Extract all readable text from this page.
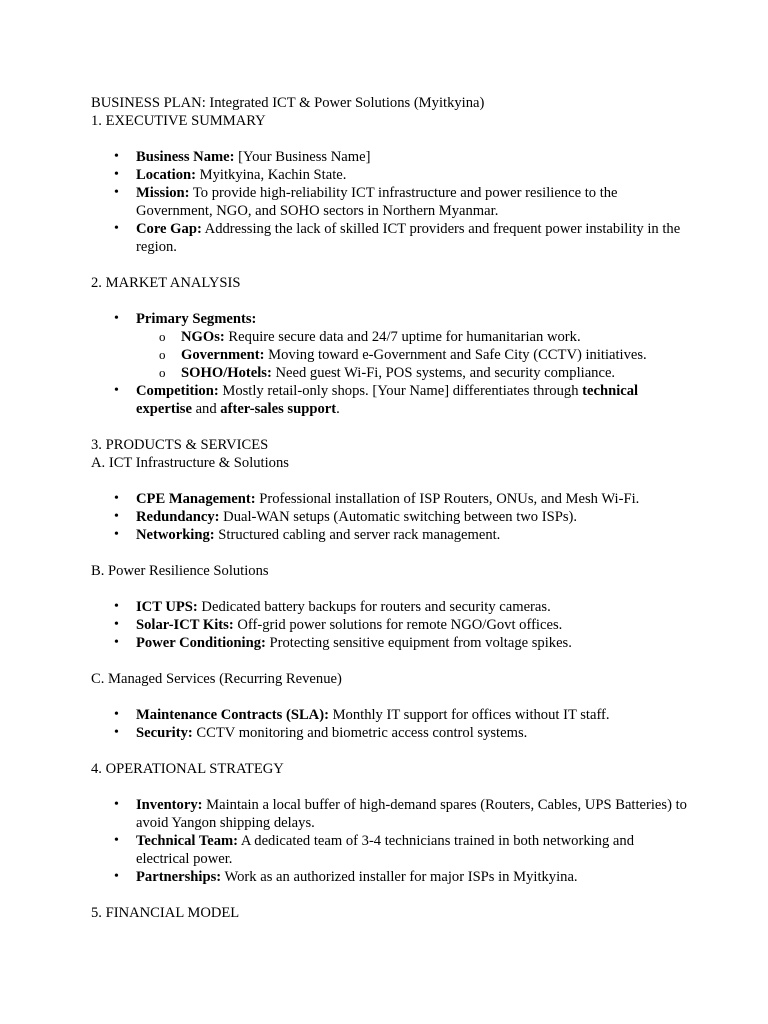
BUSINESS PLAN: Integrated ICT & Power Solutions (Myitkyina)

1. EXECUTIVE SUMMARY

• Business Name: [Your Business Name]
• Location: Myitkyina, Kachin State.
• Mission: To provide high-reliability ICT infrastructure and power resilience to the Government, NGO, and SOHO sectors in Northern Myanmar.
• Core Gap: Addressing the lack of skilled ICT providers and frequent power instability in the region.

2. MARKET ANALYSIS

• Primary Segments:
o NGOs: Require secure data and 24/7 uptime for humanitarian work.
o Government: Moving toward e-Government and Safe City (CCTV) initiatives.
o SOHO/Hotels: Need guest Wi-Fi, POS systems, and security compliance.
• Competition: Mostly retail-only shops. [Your Name] differentiates through technical expertise and after-sales support.

3. PRODUCTS & SERVICES

A. ICT Infrastructure & Solutions

• CPE Management: Professional installation of ISP Routers, ONUs, and Mesh Wi-Fi.
• Redundancy: Dual-WAN setups (Automatic switching between two ISPs).
• Networking: Structured cabling and server rack management.

B. Power Resilience Solutions

• ICT UPS: Dedicated battery backups for routers and security cameras.
• Solar-ICT Kits: Off-grid power solutions for remote NGO/Govt offices.
• Power Conditioning: Protecting sensitive equipment from voltage spikes.

C. Managed Services (Recurring Revenue)

• Maintenance Contracts (SLA): Monthly IT support for offices without IT staff.
• Security: CCTV monitoring and biometric access control systems.

4. OPERATIONAL STRATEGY

• Inventory: Maintain a local buffer of high-demand spares (Routers, Cables, UPS Batteries) to avoid Yangon shipping delays.
• Technical Team: A dedicated team of 3-4 technicians trained in both networking and electrical power.
• Partnerships: Work as an authorized installer for major ISPs in Myitkyina.

5. FINANCIAL MODEL
